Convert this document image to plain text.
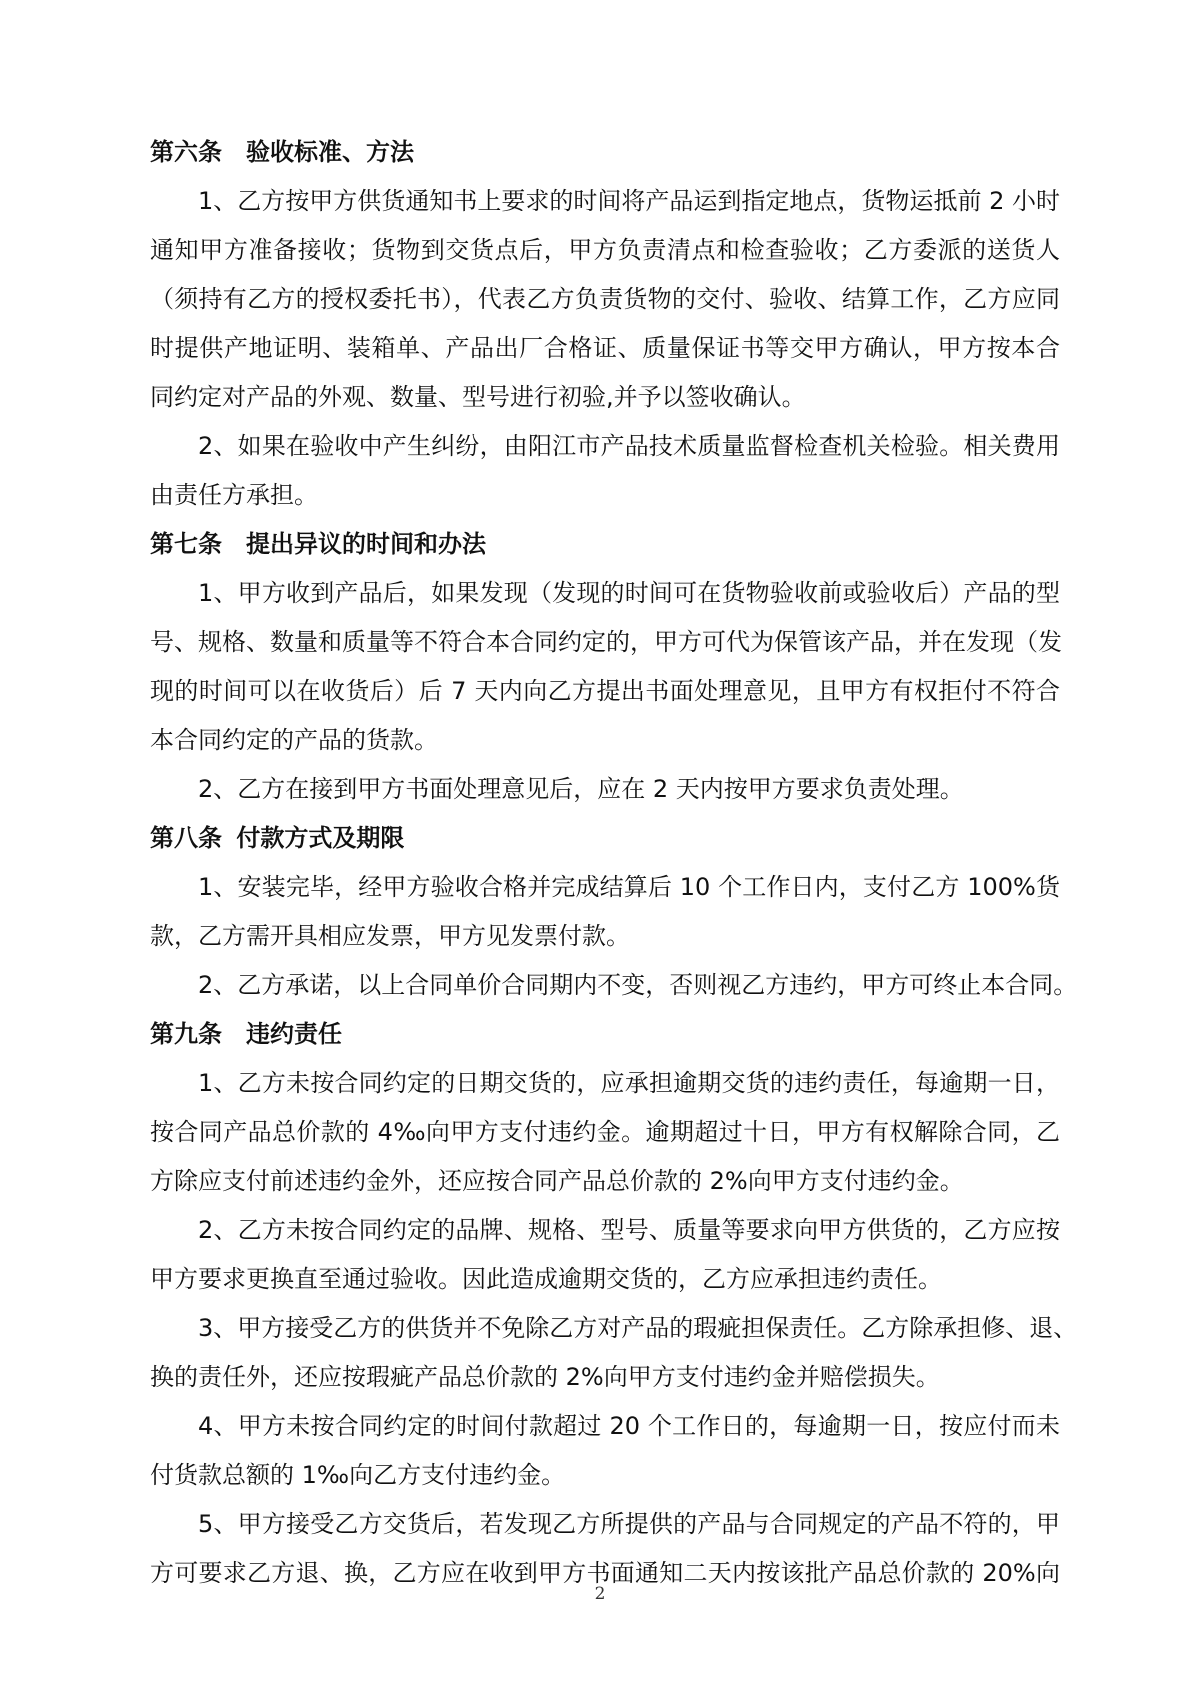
第六条　验收标准、方法
1、乙方按甲方供货通知书上要求的时间将产品运到指定地点，货物运抵前 2 小时
通知甲方准备接收；货物到交货点后，甲方负责清点和检查验收；乙方委派的送货人
（须持有乙方的授权委托书），代表乙方负责货物的交付、验收、结算工作，乙方应同
时提供产地证明、装箱单、产品出厂合格证、质量保证书等交甲方确认，甲方按本合
同约定对产品的外观、数量、型号进行初验,并予以签收确认。
2、如果在验收中产生纠纷，由阳江市产品技术质量监督检查机关检验。相关费用
由责任方承担。
第七条　提出异议的时间和办法
1、甲方收到产品后，如果发现（发现的时间可在货物验收前或验收后）产品的型
号、规格、数量和质量等不符合本合同约定的，甲方可代为保管该产品，并在发现（发
现的时间可以在收货后）后 7 天内向乙方提出书面处理意见，且甲方有权拒付不符合
本合同约定的产品的货款。
2、乙方在接到甲方书面处理意见后，应在 2 天内按甲方要求负责处理。
第八条 付款方式及期限
1、安装完毕，经甲方验收合格并完成结算后 10 个工作日内，支付乙方 100%货
款，乙方需开具相应发票，甲方见发票付款。
2、乙方承诺，以上合同单价合同期内不变，否则视乙方违约，甲方可终止本合同。
第九条　违约责任
1、乙方未按合同约定的日期交货的，应承担逾期交货的违约责任，每逾期一日，
按合同产品总价款的 4‰向甲方支付违约金。逾期超过十日，甲方有权解除合同，乙
方除应支付前述违约金外，还应按合同产品总价款的 2%向甲方支付违约金。
2、乙方未按合同约定的品牌、规格、型号、质量等要求向甲方供货的，乙方应按
甲方要求更换直至通过验收。因此造成逾期交货的，乙方应承担违约责任。
3、甲方接受乙方的供货并不免除乙方对产品的瑕疵担保责任。乙方除承担修、退、
换的责任外，还应按瑕疵产品总价款的 2%向甲方支付违约金并赔偿损失。
4、甲方未按合同约定的时间付款超过 20 个工作日的，每逾期一日，按应付而未
付货款总额的 1‰向乙方支付违约金。
5、甲方接受乙方交货后，若发现乙方所提供的产品与合同规定的产品不符的，甲
方可要求乙方退、换，乙方应在收到甲方书面通知二天内按该批产品总价款的 20%向
2
